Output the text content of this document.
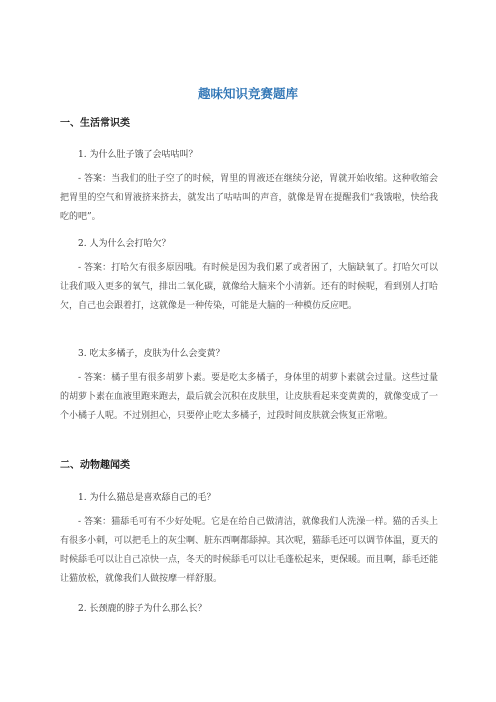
趣味知识竞赛题库
一、生活常识类
1. 为什么肚子饿了会咕咕叫？
- 答案：当我们的肚子空了的时候，胃里的胃液还在继续分泌，胃就开始收缩。这种收缩会把胃里的空气和胃液挤来挤去，就发出了咕咕叫的声音，就像是胃在提醒我们“我饿啦，快给我吃的吧”。
2. 人为什么会打哈欠？
- 答案：打哈欠有很多原因哦。有时候是因为我们累了或者困了，大脑缺氧了。打哈欠可以让我们吸入更多的氧气，排出二氧化碳，就像给大脑来个小清新。还有的时候呢，看到别人打哈欠，自己也会跟着打，这就像是一种传染，可能是大脑的一种模仿反应吧。
3. 吃太多橘子，皮肤为什么会变黄？
- 答案：橘子里有很多胡萝卜素。要是吃太多橘子，身体里的胡萝卜素就会过量。这些过量的胡萝卜素在血液里跑来跑去，最后就会沉积在皮肤里，让皮肤看起来变黄黄的，就像变成了一个小橘子人呢。不过别担心，只要停止吃太多橘子，过段时间皮肤就会恢复正常啦。
二、动物趣闻类
1. 为什么猫总是喜欢舔自己的毛？
- 答案：猫舔毛可有不少好处呢。它是在给自己做清洁，就像我们人洗澡一样。猫的舌头上有很多小刺，可以把毛上的灰尘啊、脏东西啊都舔掉。其次呢，猫舔毛还可以调节体温，夏天的时候舔毛可以让自己凉快一点，冬天的时候舔毛可以让毛蓬松起来，更保暖。而且啊，舔毛还能让猫放松，就像我们人做按摩一样舒服。
2. 长颈鹿的脖子为什么那么长？
